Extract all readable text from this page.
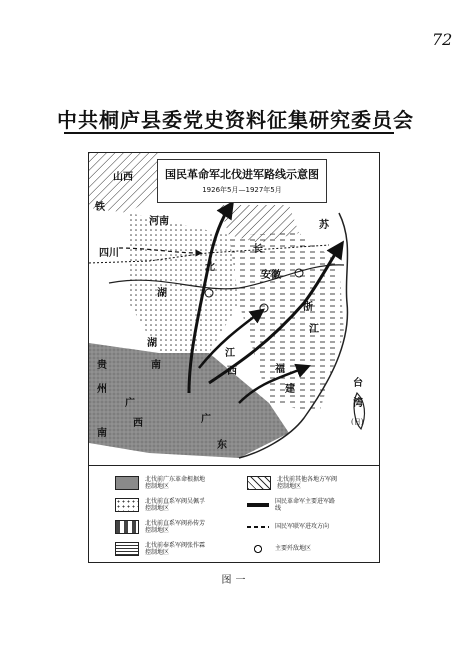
72
中共桐庐县委党史资料征集研究委员会
国民革命军北伐进军路线示意图
1926年5月—1927年5月
山西
河南
铁
四川
北
湖
安徽
苏
长
湖
南
江
西
浙
江
福
建
广
西	广
东
贵
州
南
台
湾
(日)
北伐前广东革命根据地控制地区
北伐前其他各地方军阀控制地区
北伐前直系军阀吴佩孚控制地区
国民革命军主要进军路线
北伐前直系军阀孙传芳控制地区
国民军联军进攻方向
北伐前奉系军阀张作霖控制地区
主要歼敌地区
图一
